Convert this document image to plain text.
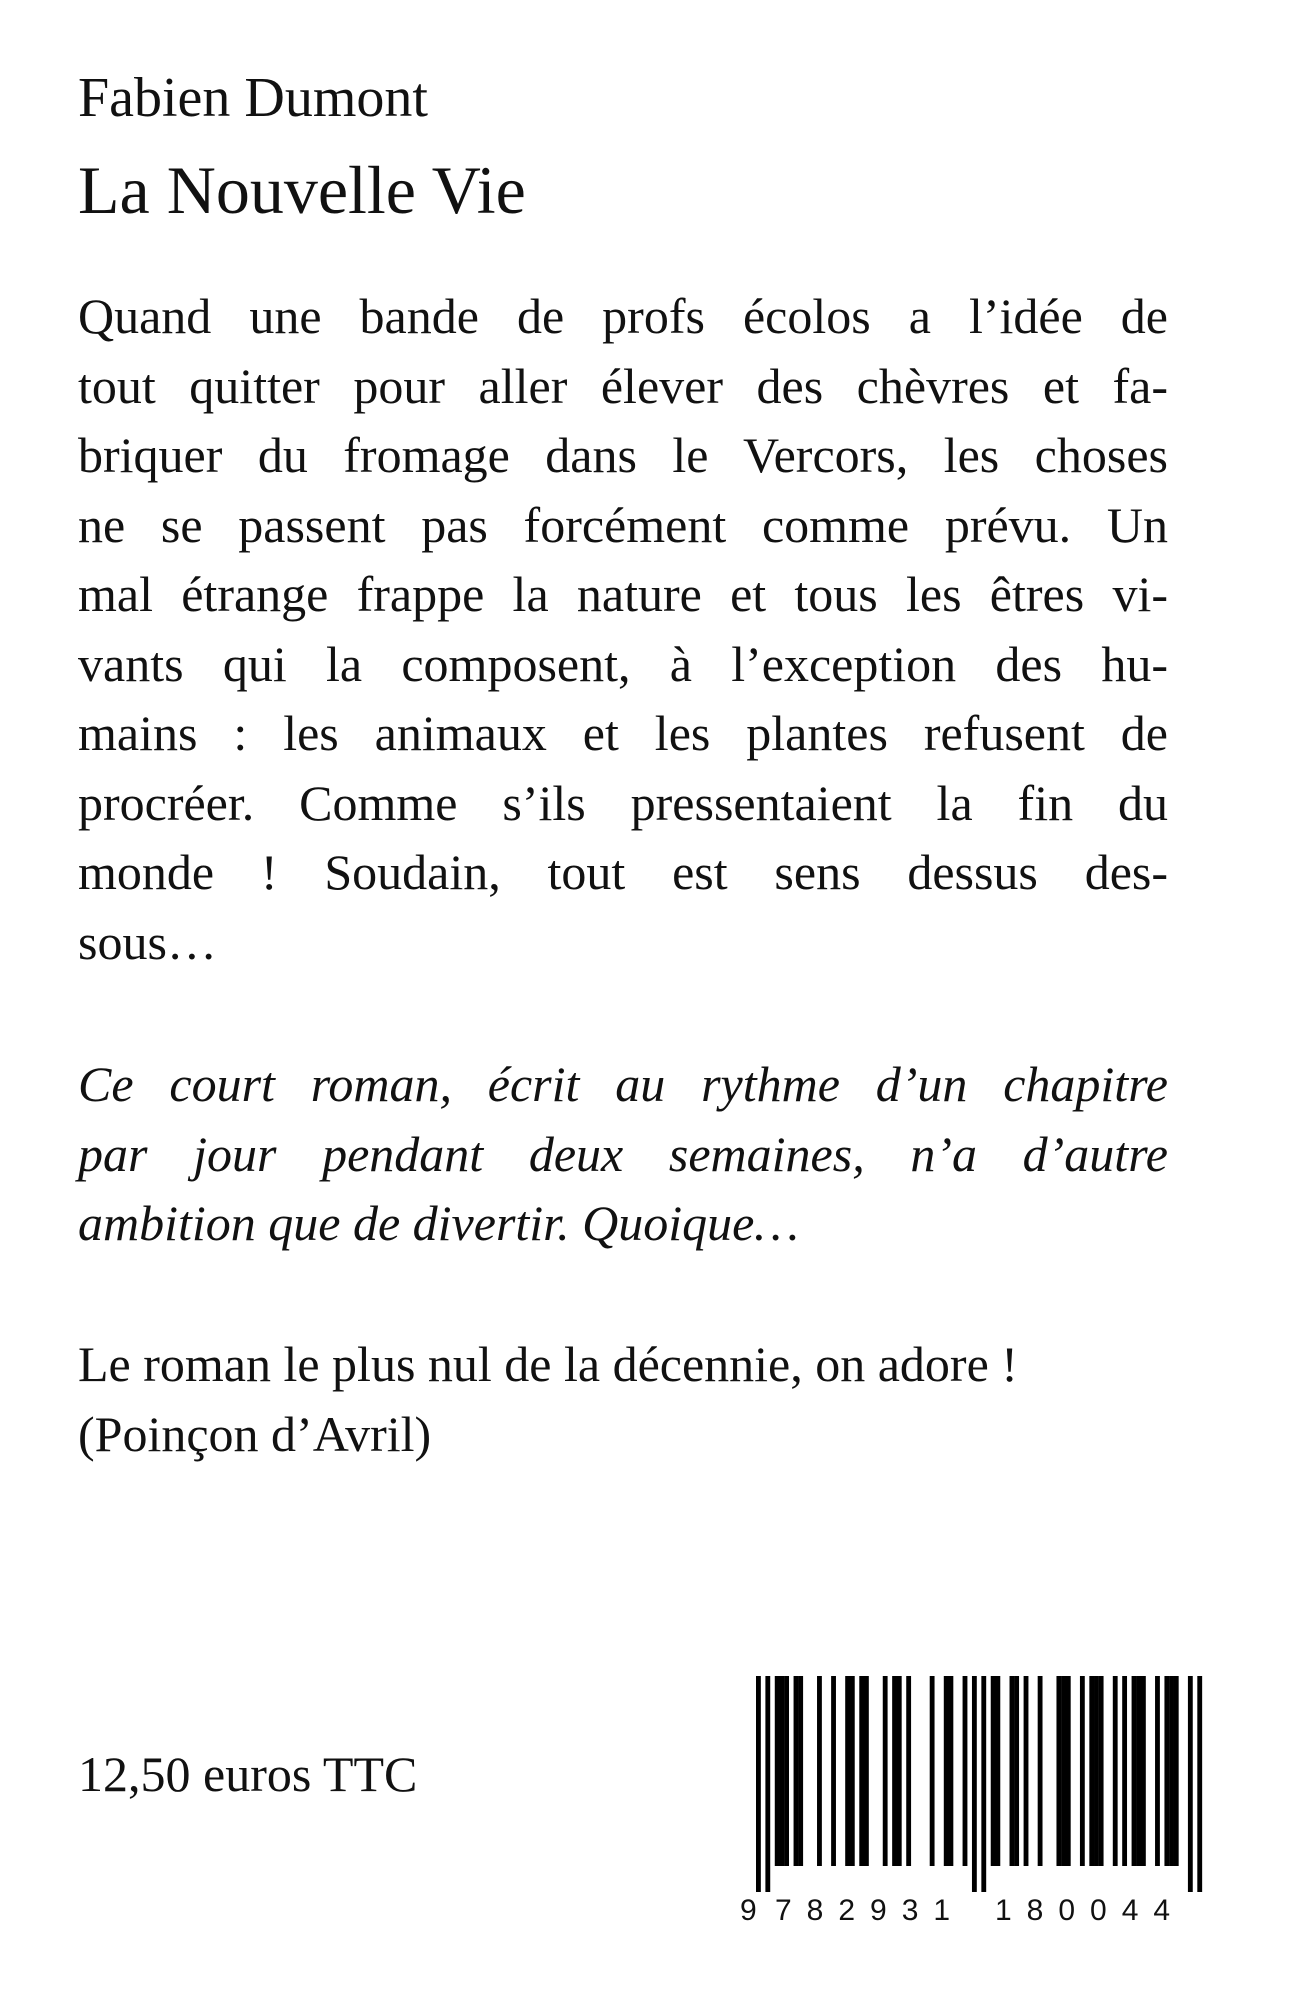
Fabien Dumont
La Nouvelle Vie
Quand une bande de profs écolos a l’idée de
tout quitter pour aller élever des chèvres et fa-
briquer du fromage dans le Vercors, les choses
ne se passent pas forcément comme prévu. Un
mal étrange frappe la nature et tous les êtres vi-
vants qui la composent, à l’exception des hu-
mains : les animaux et les plantes refusent de
procréer. Comme s’ils pressentaient la fin du
monde ! Soudain, tout est sens dessus des-
sous…
Ce court roman, écrit au rythme d’un chapitre
par jour pendant deux semaines, n’a d’autre
ambition que de divertir. Quoique…
Le roman le plus nul de la décennie, on adore !
(Poinçon d’Avril)
12,50 euros TTC
9 7 8 2 9 3 1 1 8 0 0 4 4
